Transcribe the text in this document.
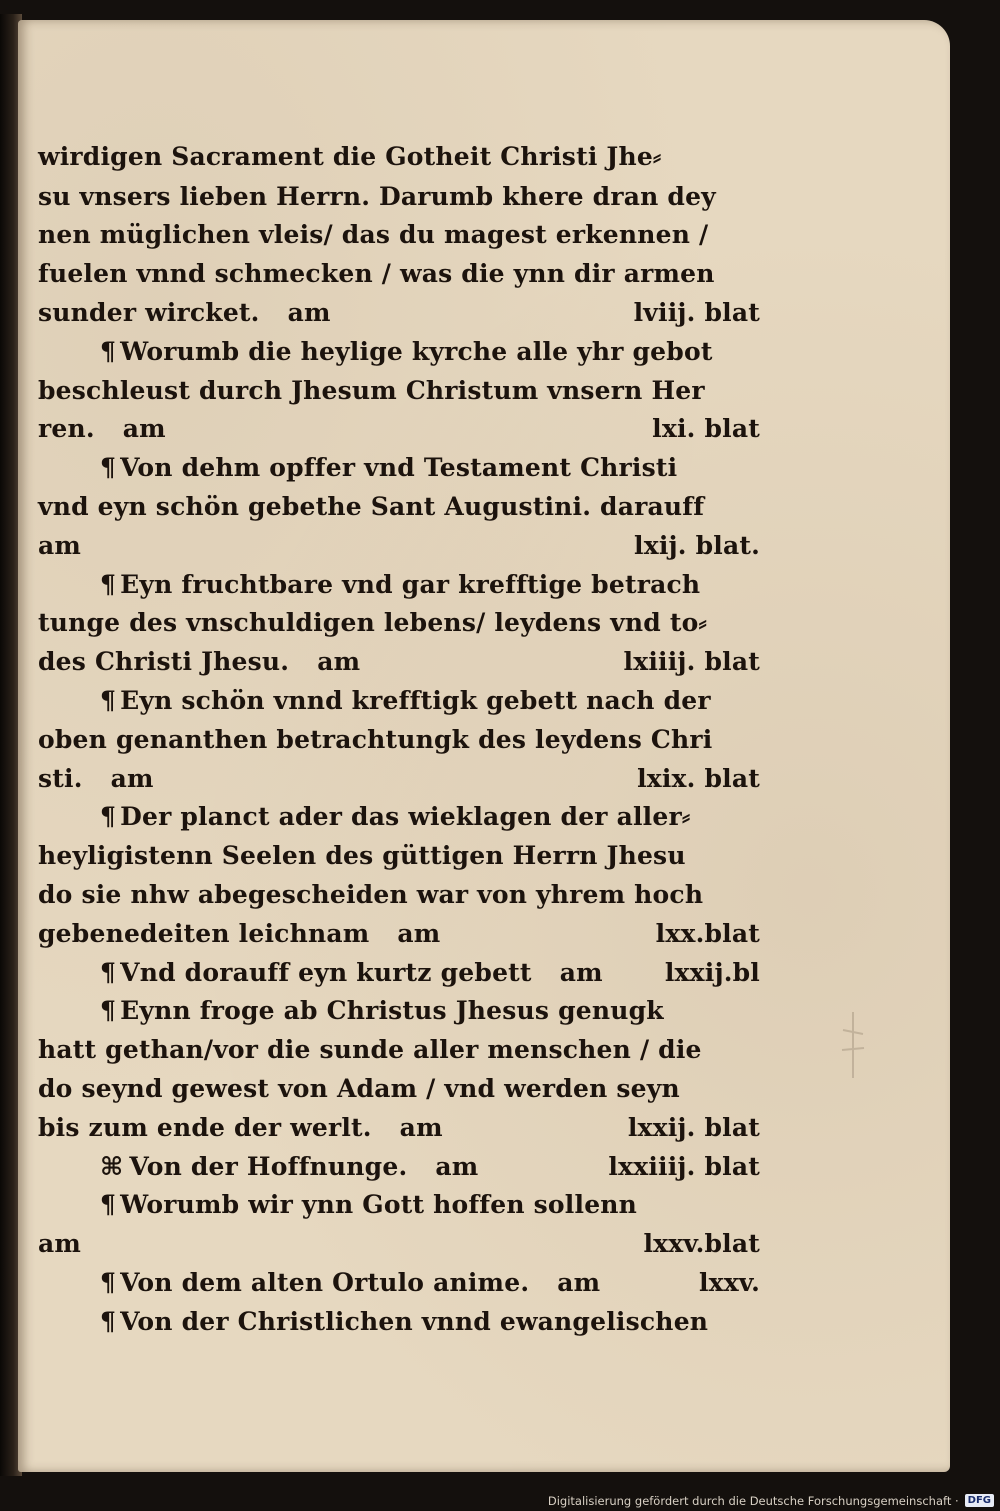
wirdigen Sacrament die Gotheit Christi Jhe⸗
su vnsers lieben Herrn. Darumb khere dran dey
nen müglichen vleis/ das du magest erkennen /
fuelen vnnd schmecken / was die ynn dir armen
sunder wircket. am	lviij. blat
¶ Worumb die heylige kyrche alle yhr gebot
beschleust durch Jhesum Christum vnsern Her
ren. am	lxi. blat
¶ Von dehm opffer vnd Testament Christi
vnd eyn schön gebethe Sant Augustini. darauff
am	lxij. blat.
¶ Eyn fruchtbare vnd gar krefftige betrach
tunge des vnschuldigen lebens/ leydens vnd to⸗
des Christi Jhesu. am	lxiiij. blat
¶ Eyn schön vnnd krefftigk gebett nach der
oben genanthen betrachtungk des leydens Chri
sti. am	lxix. blat
¶ Der planct ader das wieklagen der aller⸗
heyligistenn Seelen des güttigen Herrn Jhesu
do sie nhw abegescheiden war von yhrem hoch
gebenedeiten leichnam am	lxx.blat
¶ Vnd dorauff eyn kurtz gebett am lxxij.bl
¶ Eynn froge ab Christus Jhesus genugk
hatt gethan/vor die sunde aller menschen / die
do seynd gewest von Adam / vnd werden seyn
bis zum ende der werlt. am	lxxij. blat
⌘ Von der Hoffnunge. am	lxxiiij. blat
¶ Worumb wir ynn Gott hoffen sollenn
am	lxxv.blat
¶ Von dem alten Ortulo anime. am	lxxv.
¶ Von der Christlichen vnnd ewangelischen
Digitalisierung gefördert durch die Deutsche Forschungsgemeinschaft · DFG
